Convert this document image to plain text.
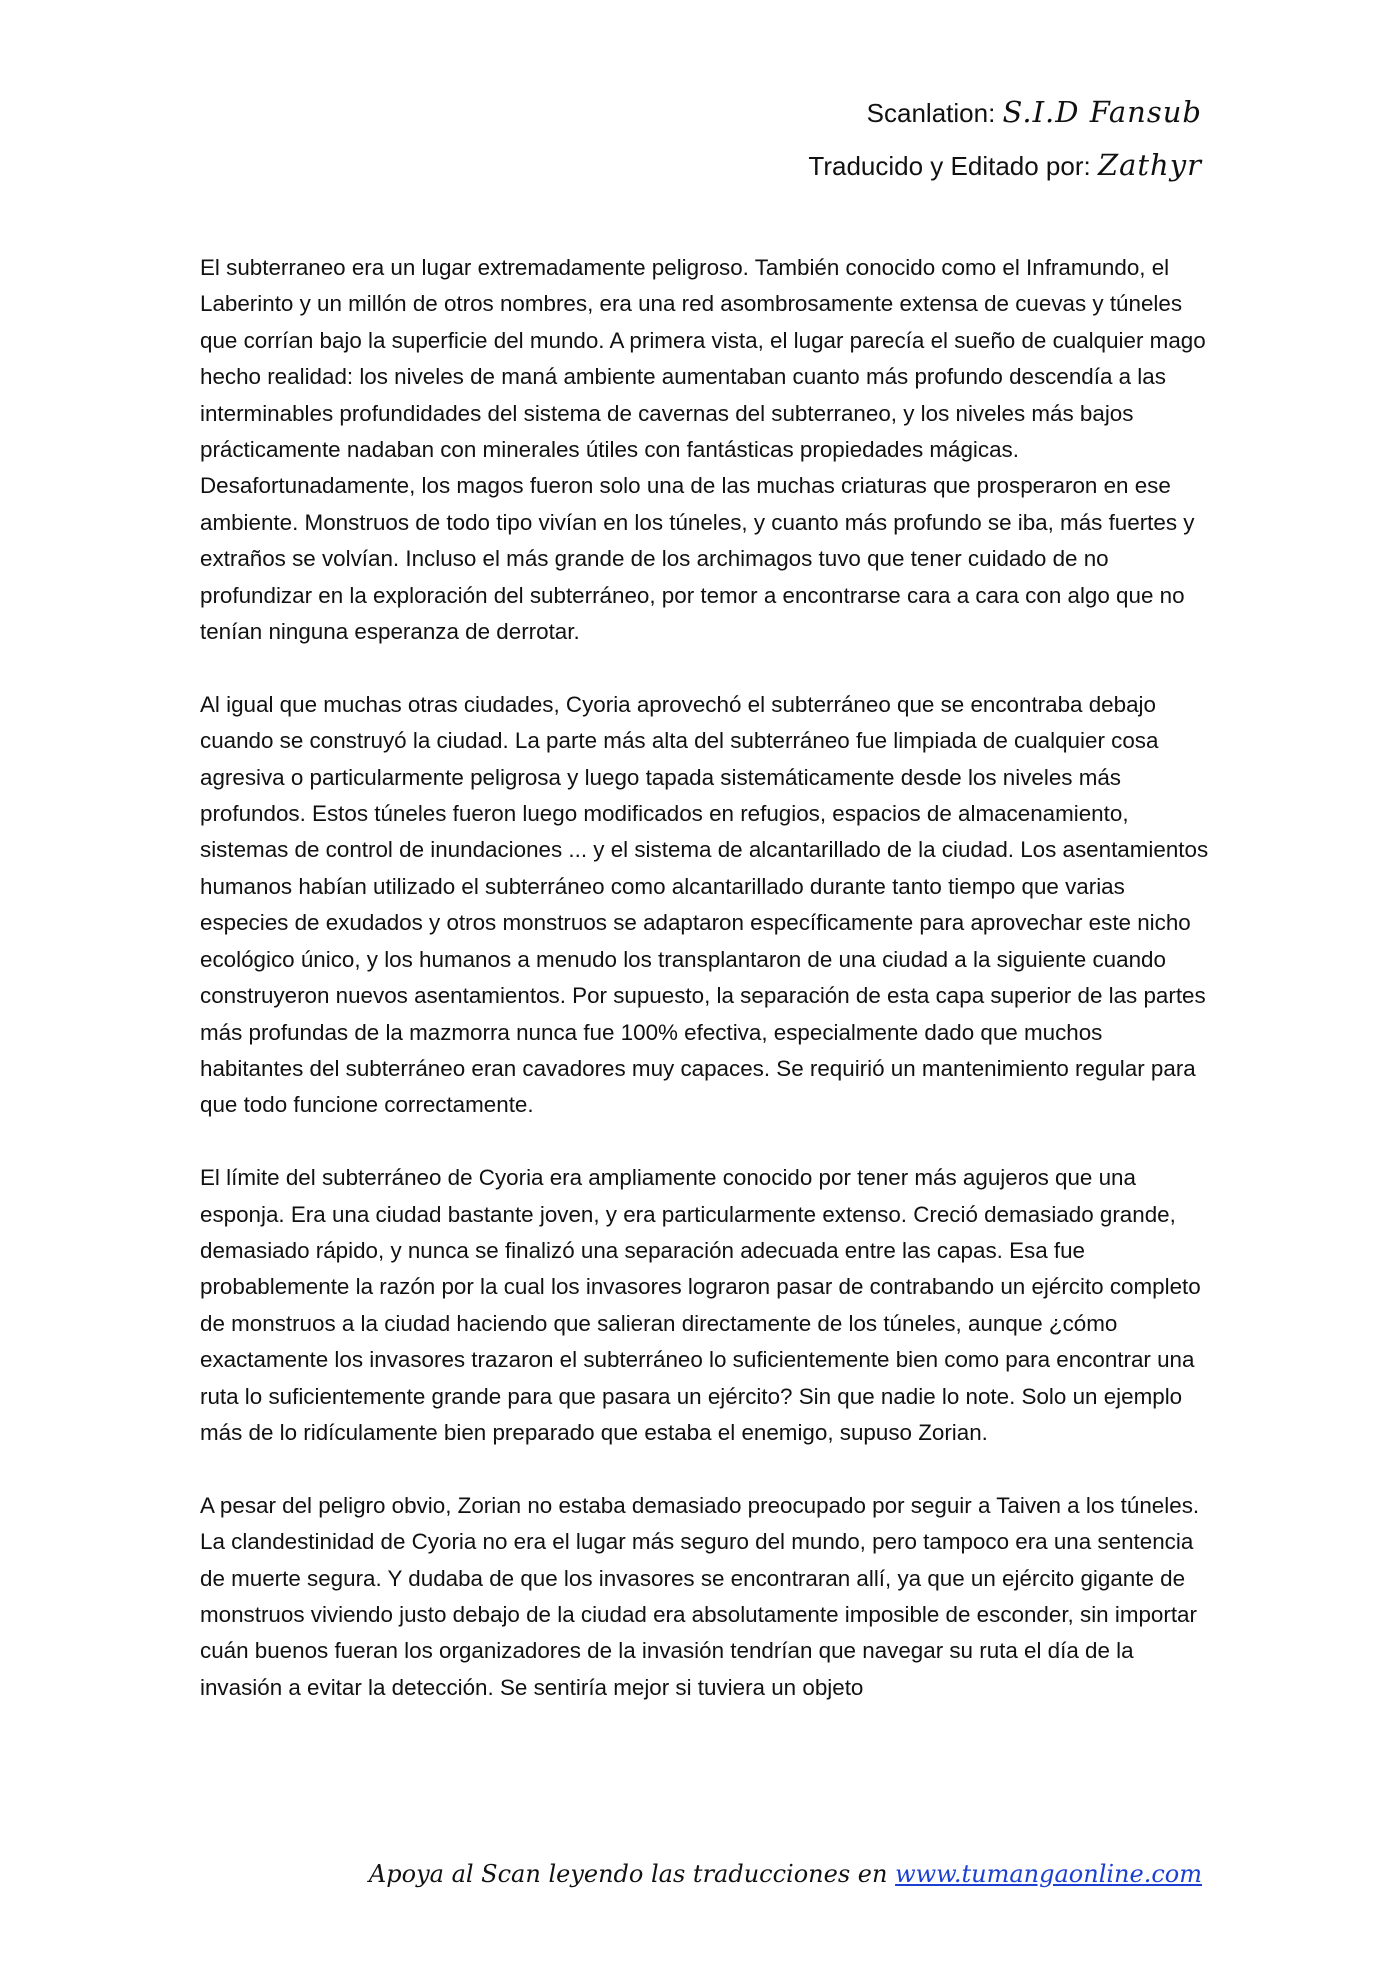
Scanlation: S.I.D Fansub
Traducido y Editado por: Zathyr

El subterraneo era un lugar extremadamente peligroso. También conocido como el Inframundo, el Laberinto y un millón de otros nombres, era una red asombrosamente extensa de cuevas y túneles que corrían bajo la superficie del mundo. A primera vista, el lugar parecía el sueño de cualquier mago hecho realidad: los niveles de maná ambiente aumentaban cuanto más profundo descendía a las interminables profundidades del sistema de cavernas del subterraneo, y los niveles más bajos prácticamente nadaban con minerales útiles con fantásticas propiedades mágicas. Desafortunadamente, los magos fueron solo una de las muchas criaturas que prosperaron en ese ambiente. Monstruos de todo tipo vivían en los túneles, y cuanto más profundo se iba, más fuertes y extraños se volvían. Incluso el más grande de los archimagos tuvo que tener cuidado de no profundizar en la exploración del subterráneo, por temor a encontrarse cara a cara con algo que no tenían ninguna esperanza de derrotar.

Al igual que muchas otras ciudades, Cyoria aprovechó el subterráneo que se encontraba debajo cuando se construyó la ciudad. La parte más alta del subterráneo fue limpiada de cualquier cosa agresiva o particularmente peligrosa y luego tapada sistemáticamente desde los niveles más profundos. Estos túneles fueron luego modificados en refugios, espacios de almacenamiento, sistemas de control de inundaciones ... y el sistema de alcantarillado de la ciudad. Los asentamientos humanos habían utilizado el subterráneo como alcantarillado durante tanto tiempo que varias especies de exudados y otros monstruos se adaptaron específicamente para aprovechar este nicho ecológico único, y los humanos a menudo los transplantaron de una ciudad a la siguiente cuando construyeron nuevos asentamientos. Por supuesto, la separación de esta capa superior de las partes más profundas de la mazmorra nunca fue 100% efectiva, especialmente dado que muchos habitantes del subterráneo eran cavadores muy capaces. Se requirió un mantenimiento regular para que todo funcione correctamente.

El límite del subterráneo de Cyoria era ampliamente conocido por tener más agujeros que una esponja. Era una ciudad bastante joven, y era particularmente extenso. Creció demasiado grande, demasiado rápido, y nunca se finalizó una separación adecuada entre las capas. Esa fue probablemente la razón por la cual los invasores lograron pasar de contrabando un ejército completo de monstruos a la ciudad haciendo que salieran directamente de los túneles, aunque ¿cómo exactamente los invasores trazaron el subterráneo lo suficientemente bien como para encontrar una ruta lo suficientemente grande para que pasara un ejército? Sin que nadie lo note. Solo un ejemplo más de lo ridículamente bien preparado que estaba el enemigo, supuso Zorian.

A pesar del peligro obvio, Zorian no estaba demasiado preocupado por seguir a Taiven a los túneles. La clandestinidad de Cyoria no era el lugar más seguro del mundo, pero tampoco era una sentencia de muerte segura. Y dudaba de que los invasores se encontraran allí, ya que un ejército gigante de monstruos viviendo justo debajo de la ciudad era absolutamente imposible de esconder, sin importar cuán buenos fueran los organizadores de la invasión tendrían que navegar su ruta el día de la invasión a evitar la detección. Se sentiría mejor si tuviera un objeto

Apoya al Scan leyendo las traducciones en www.tumangaonline.com
